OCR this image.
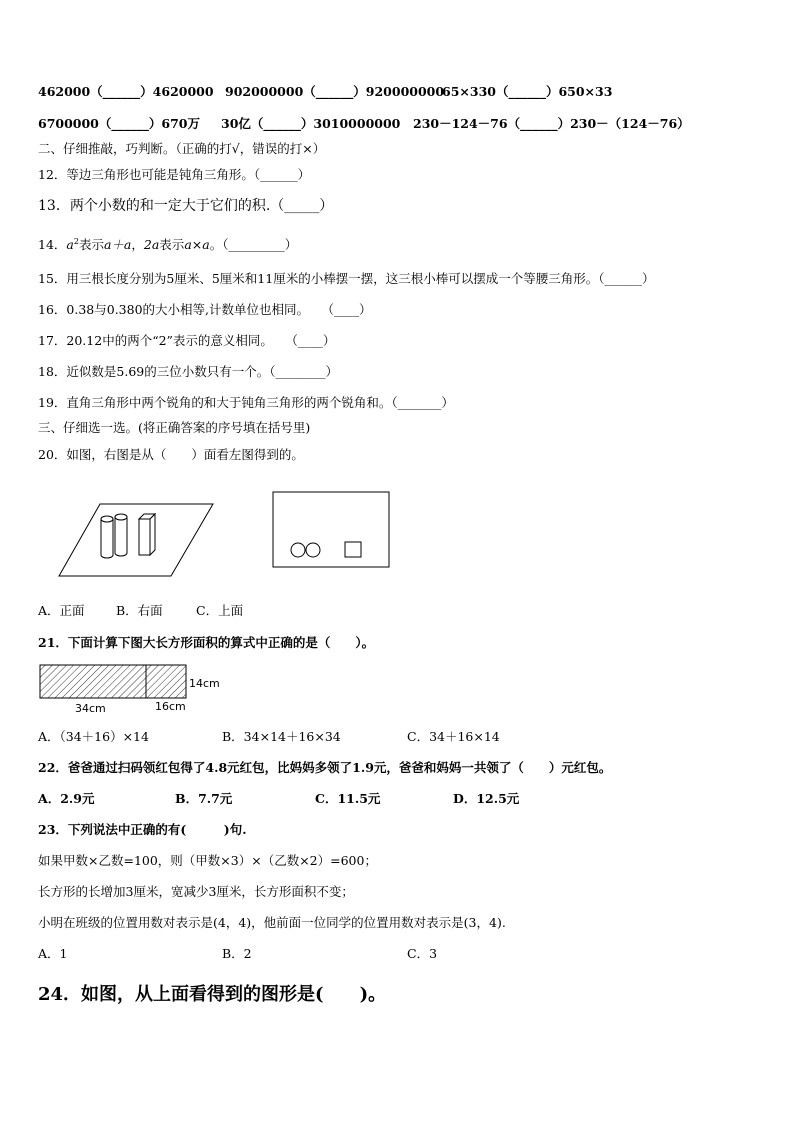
462000（______）4620000 902000000（______）920000000
65×330（______）650×33
6700000（______）670万 30亿（______）3010000000 230－124－76（______）230－（124－76）
二、仔细推敲，巧判断。（正确的打√，错误的打×）
12．等边三角形也可能是钝角三角形。（______）
13．两个小数的和一定大于它们的积.（_____）
14．$a^2$表示a＋a，2a表示a×a。（_________）
15．用三根长度分别为5厘米、5厘米和11厘米的小棒摆一摆，这三根小棒可以摆成一个等腰三角形。（______）
16．0.38与0.380的大小相等,计数单位也相同。　　（____）
17．20.12中的两个“2”表示的意义相同。　　（____）
18．近似数是5.69的三位小数只有一个。（________）
19．直角三角形中两个锐角的和大于钝角三角形的两个锐角和。（_______）
三、仔细选一选。(将正确答案的序号填在括号里)
20．如图，右图是从（　　）面看左图得到的。
A．正面	B．右面	C．上面
21．下面计算下图大长方形面积的算式中正确的是（　　）。
14cm
34cm	16cm
A．（34＋16）×14	B．34×14＋16×34	C．34＋16×14
22．爸爸通过扫码领红包得了4.8元红包，比妈妈多领了1.9元，爸爸和妈妈一共领了（　　）元红包。
A．2.9元	B．7.7元	C．11.5元	D．12.5元
23．下列说法中正确的有(　　　)句.
如果甲数×乙数=100，则（甲数×3）×（乙数×2）=600；
长方形的长增加3厘米，宽减少3厘米，长方形面积不变；
小明在班级的位置用数对表示是(4，4)，他前面一位同学的位置用数对表示是(3，4).
A．1	B．2	C．3
24．如图，从上面看得到的图形是(　　)。
